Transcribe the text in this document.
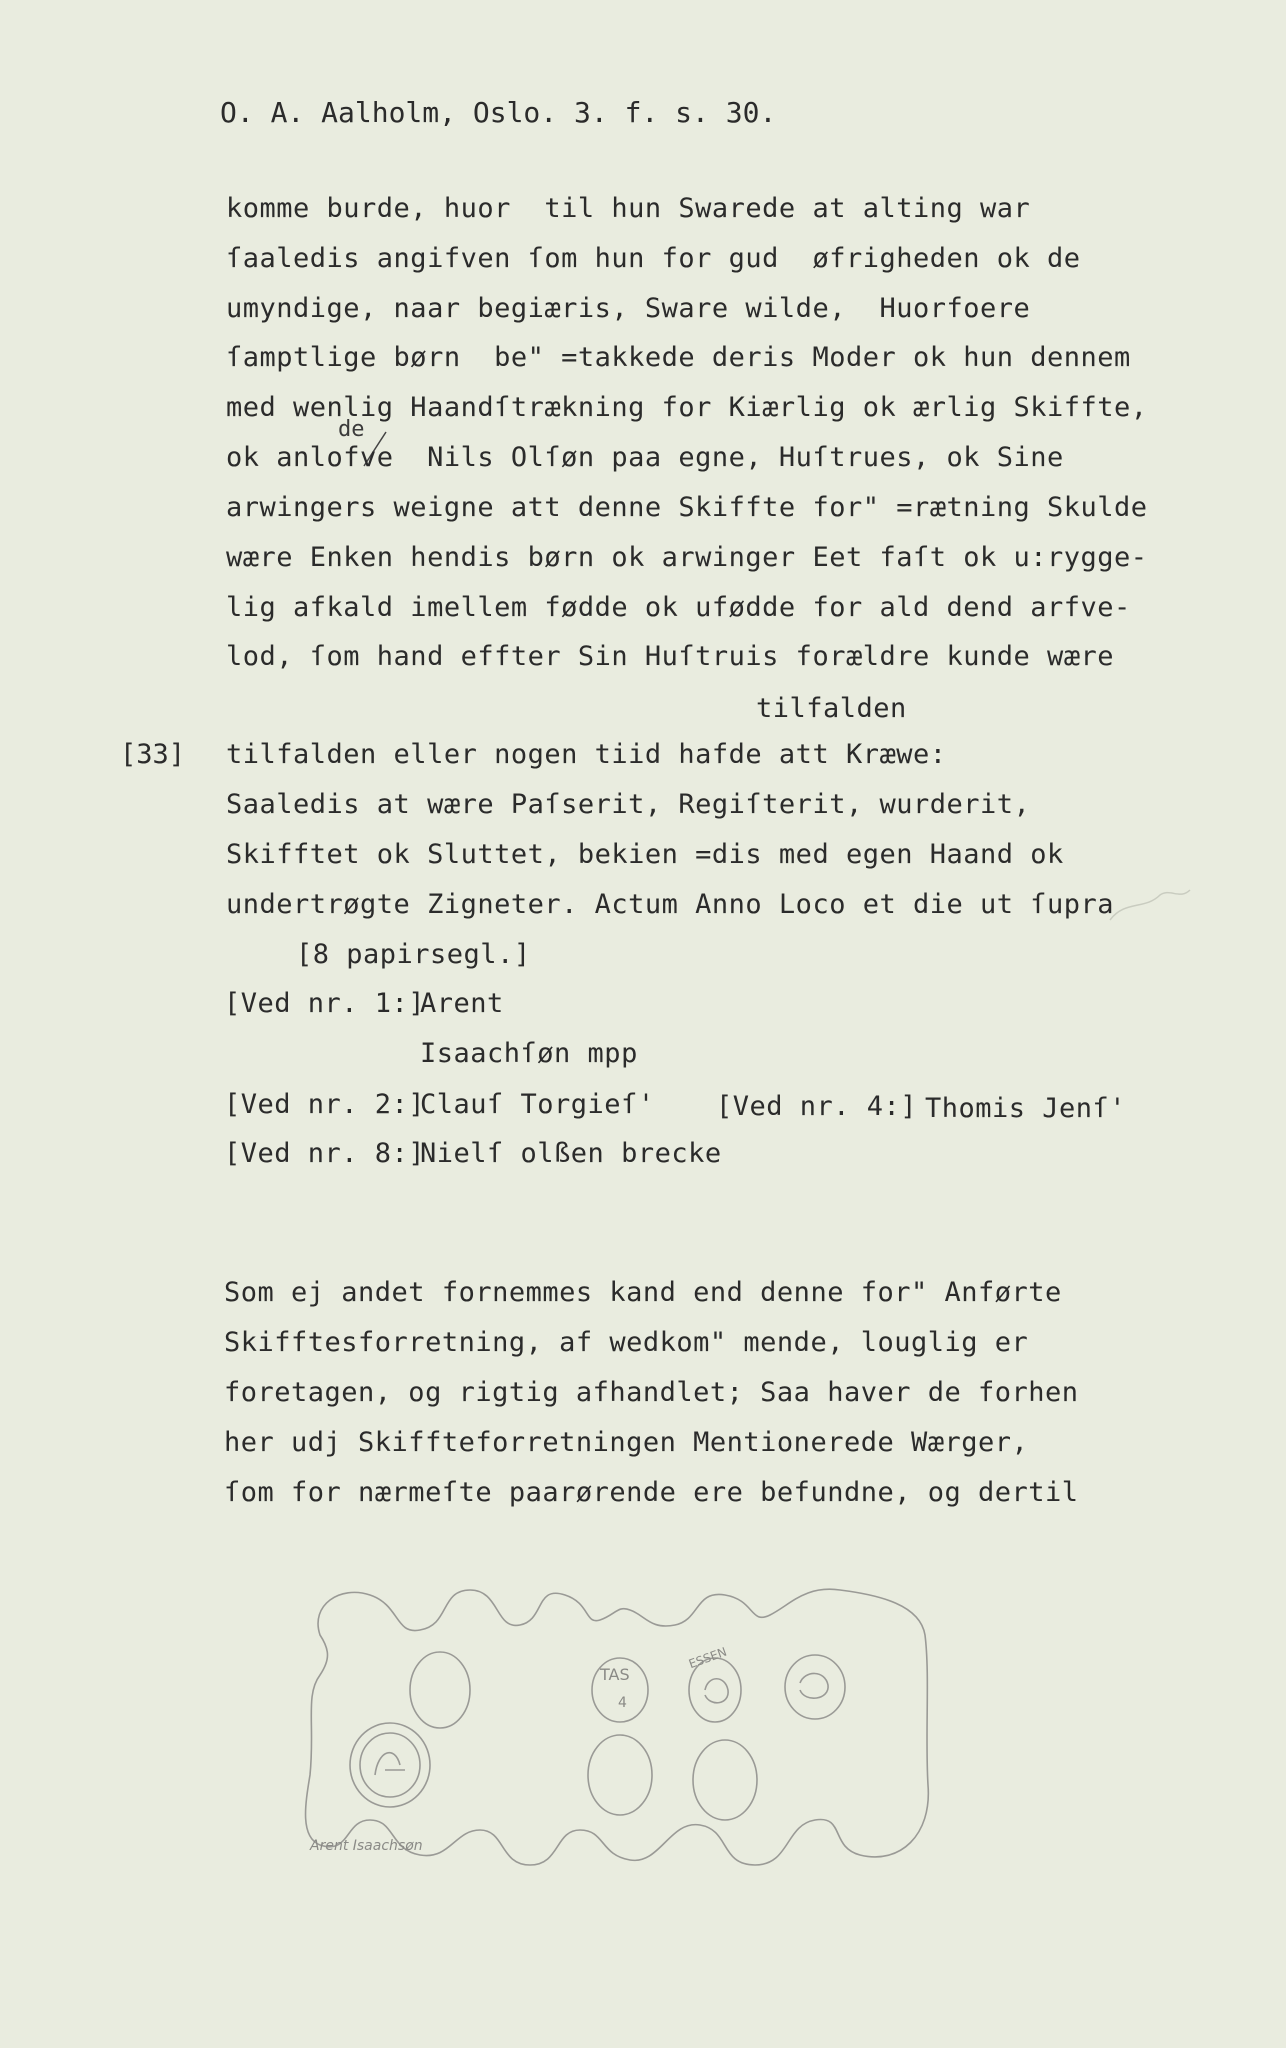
O. A. Aalholm, Oslo. 3. f. s. 30.
komme burde, huor  til hun Swarede at alting war
ſaaledis angifven ſom hun for gud  øfrigheden ok de
umyndige, naar begiæris, Sware wilde,  Huorfoere
ſamptlige børn  be" =takkede deris Moder ok hun dennem
med wenlig Haandſtrækning for Kiærlig ok ærlig Skiffte,
de
ok anlofve  Nils Olſøn paa egne, Huſtrues, ok Sine
arwingers weigne att denne Skiffte for" =rætning Skulde
wære Enken hendis børn ok arwinger Eet faſt ok u:rygge-
lig afkald imellem fødde ok ufødde for ald dend arfve-
lod, ſom hand effter Sin Huſtruis forældre kunde wære
tilfalden
[33] tilfalden eller nogen tiid hafde att Kræwe:
Saaledis at wære Paſserit, Regiſterit, wurderit,
Skifftet ok Sluttet, bekien =dis med egen Haand ok
undertrøgte Zigneter. Actum Anno Loco et die ut ſupra
[8 papirsegl.]
[Ved nr. 1:]
Arent
Isaachſøn mpp
[Ved nr. 2:]
Clauſ Torgieſ' [Ved nr. 4:] Thomis Jenſ'
[Ved nr. 8:]
Nielſ olßen brecke
Som ej andet fornemmes kand end denne for" Anførte
Skifftesforretning, af wedkom" mende, louglig er
foretagen, og rigtig afhandlet; Saa haver de forhen
her udj Skiffteforretningen Mentionerede Wærger,
ſom for nærmeſte paarørende ere befundne, og dertil
TAS
4
ESSEN
Arent Isaachsøn
